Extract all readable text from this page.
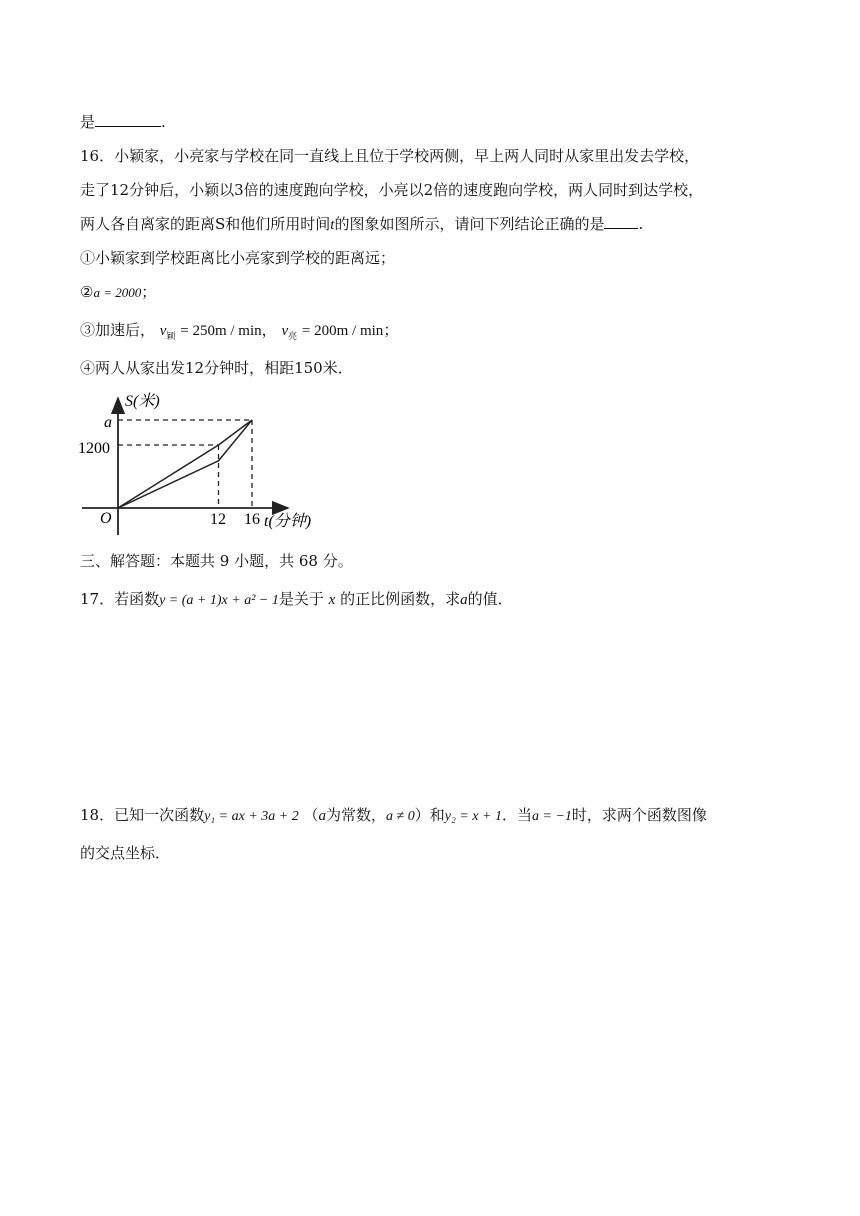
是	.
16．小颖家，小亮家与学校在同一直线上且位于学校两侧，早上两人同时从家里出发去学校，
走了12分钟后，小颖以3倍的速度跑向学校，小亮以2倍的速度跑向学校，两人同时到达学校，
两人各自离家的距离S和他们所用时间t的图象如图所示，请问下列结论正确的是 .
①小颖家到学校距离比小亮家到学校的距离远；
②a = 2000；
③加速后， $v_颖 = 250m / \min$， $v_亮 = 200m / \min$；
④两人从家出发12分钟时，相距150米．
S(米)
t(分钟)
O
a
1200
12 16
三、解答题：本题共 9 小题，共 68 分。
17．若函数y = (a + 1)x + a² − 1是关于 x 的正比例函数，求a的值．
18．已知一次函数y₁ = ax + 3a + 2 （a为常数，a ≠ 0）和y₂ = x + 1．当a = −1时，求两个函数图像
的交点坐标．
